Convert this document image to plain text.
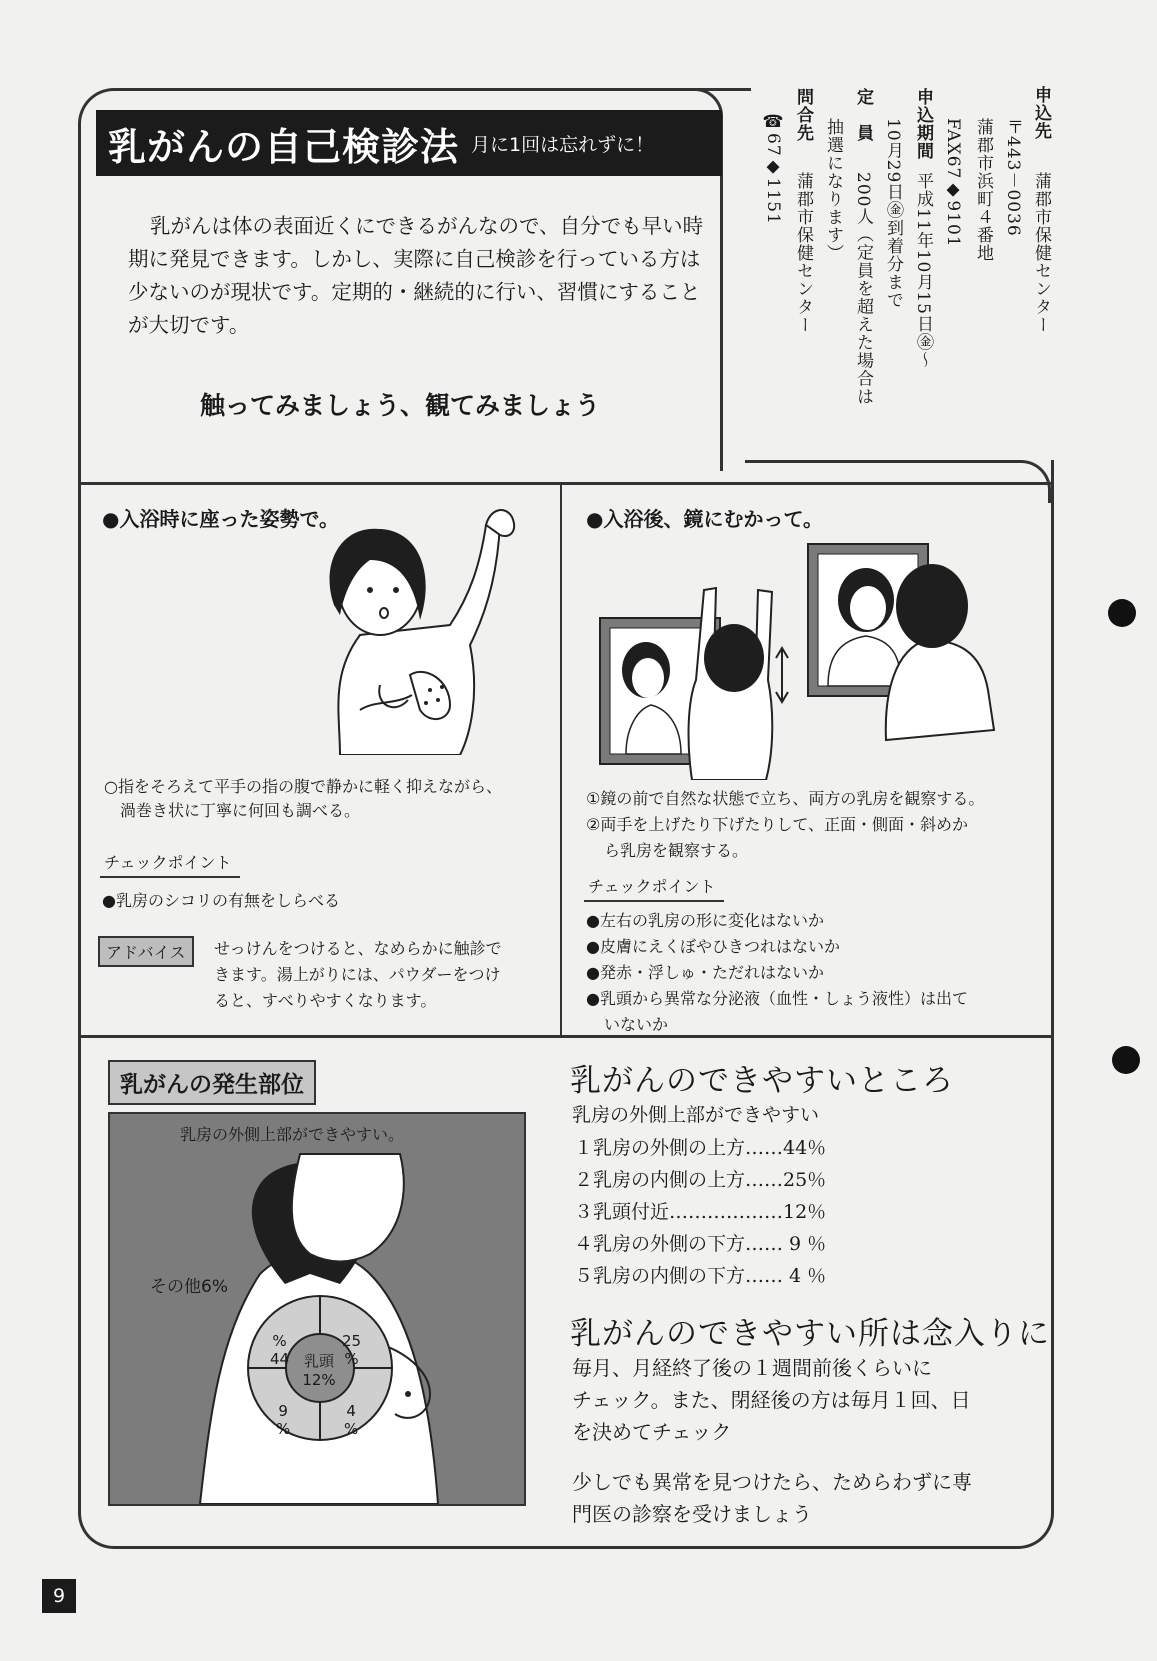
乳がんの自己検診法 月に1回は忘れずに！
乳がんは体の表面近くにできるがんなので、自分でも早い時期に発見できます。しかし、実際に自己検診を行っている方は少ないのが現状です。定期的・継続的に行い、習慣にすることが大切です。
触ってみましょう、観てみましょう
申込先
蒲郡市保健センター
〒443－0036
蒲郡市浜町４番地
FAX67◆9101
申込期間
平成11年10月15日㊎～
10月29日㊎到着分まで
定　員
200人（定員を超えた場合は
抽選になります）
問合先
蒲郡市保健センター
☎67◆1151
●入浴時に座った姿勢で。
○指をそろえて平手の指の腹で静かに軽く抑えながら、
渦巻き状に丁寧に何回も調べる。
チェックポイント
●乳房のシコリの有無をしらべる
アドバイス	せっけんをつけると、なめらかに触診で
きます。湯上がりには、パウダーをつけ
ると、すべりやすくなります。
●入浴後、鏡にむかって。
①鏡の前で自然な状態で立ち、両方の乳房を観察する。
②両手を上げたり下げたりして、正面・側面・斜めか
ら乳房を観察する。
チェックポイント
●左右の乳房の形に変化はないか
●皮膚にえくぼやひきつれはないか
●発赤・浮しゅ・ただれはないか
●乳頭から異常な分泌液（血性・しょう液性）は出て
いないか
乳がんの発生部位
乳房の外側上部ができやすい。
その他6%
%
44
25
%
9
%
4
%
乳頭
12%
乳がんのできやすいところ
乳房の外側上部ができやすい
１乳房の外側の上方……44％
２乳房の内側の上方……25％
３乳頭付近………………12％
４乳房の外側の下方…… 9 ％
５乳房の内側の下方…… 4 ％
乳がんのできやすい所は念入りに
毎月、月経終了後の１週間前後くらいに
チェック。また、閉経後の方は毎月１回、日
を決めてチェック
少しでも異常を見つけたら、ためらわずに専
門医の診察を受けましょう
9
